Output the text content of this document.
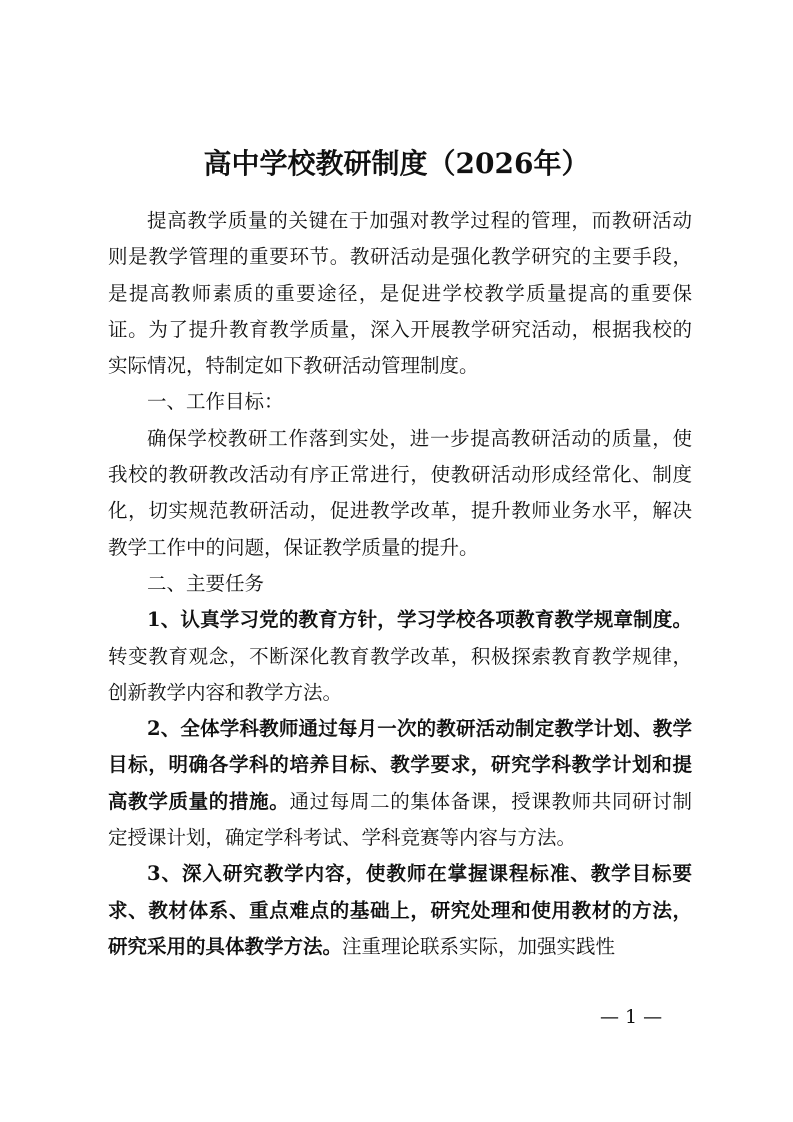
高中学校教研制度（2026年）

提高教学质量的关键在于加强对教学过程的管理，而教研活动则是教学管理的重要环节。教研活动是强化教学研究的主要手段，是提高教师素质的重要途径，是促进学校教学质量提高的重要保证。为了提升教育教学质量，深入开展教学研究活动，根据我校的实际情况，特制定如下教研活动管理制度。

一、工作目标：

确保学校教研工作落到实处，进一步提高教研活动的质量，使我校的教研教改活动有序正常进行，使教研活动形成经常化、制度化，切实规范教研活动，促进教学改革，提升教师业务水平，解决教学工作中的问题，保证教学质量的提升。

二、主要任务

1、认真学习党的教育方针，学习学校各项教育教学规章制度。转变教育观念，不断深化教育教学改革，积极探索教育教学规律，创新教学内容和教学方法。

2、全体学科教师通过每月一次的教研活动制定教学计划、教学目标，明确各学科的培养目标、教学要求，研究学科教学计划和提高教学质量的措施。通过每周二的集体备课，授课教师共同研讨制定授课计划，确定学科考试、学科竞赛等内容与方法。

3、深入研究教学内容，使教师在掌握课程标准、教学目标要求、教材体系、重点难点的基础上，研究处理和使用教材的方法，研究采用的具体教学方法。注重理论联系实际，加强实践性

— 1 —
